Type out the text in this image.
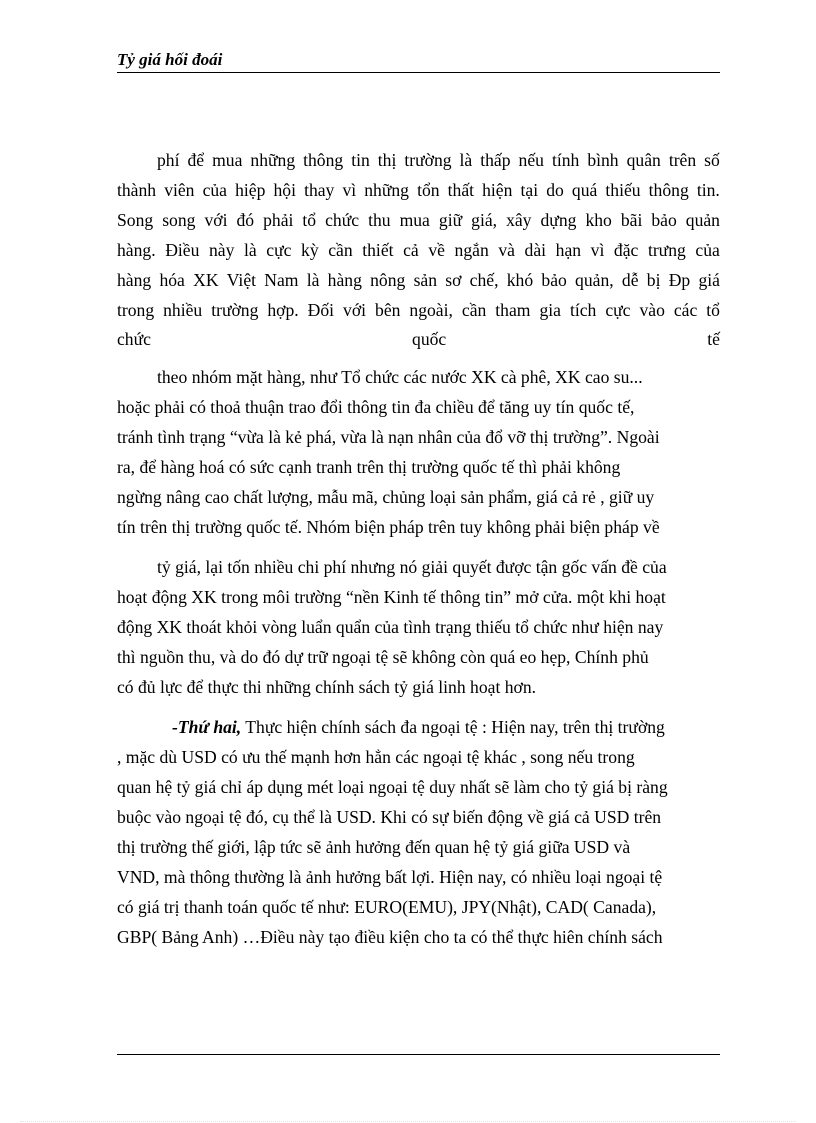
Tỷ giá hối đoái
phí để mua những thông tin thị trường là thấp nếu tính bình quân trên số
thành viên của hiệp hội thay vì những tổn thất hiện tại do quá thiếu thông tin.
Song song với đó phải tổ chức thu mua giữ giá, xây dựng kho bãi bảo quản
hàng. Điều này là cực kỳ cần thiết cả về ngắn và dài hạn vì đặc trưng của
hàng hóa XK Việt Nam là hàng nông sản sơ chế, khó bảo quản, dễ bị Ðp giá
trong nhiều trường hợp. Đối với bên ngoài, cần tham gia tích cực vào các tổ
chức	quốc	tế
theo nhóm mặt hàng, như Tổ chức các nước XK cà phê, XK cao su...
hoặc phải có thoả thuận trao đổi thông tin đa chiều để tăng uy tín quốc tế,
tránh tình trạng “vừa là kẻ phá, vừa là nạn nhân của đổ vỡ thị trường”. Ngoài
ra, để hàng hoá có sức cạnh tranh trên thị trường quốc tế thì phải không
ngừng nâng cao chất lượng, mẫu mã, chủng loại sản phẩm, giá cả rẻ , giữ uy
tín trên thị trường quốc tế. Nhóm biện pháp trên tuy không phải biện pháp về
tỷ giá, lại tốn nhiều chi phí nhưng nó giải quyết được tận gốc vấn đề của
hoạt động XK trong môi trường “nền Kinh tế thông tin” mở cửa. một khi hoạt
động XK thoát khỏi vòng luẩn quẩn của tình trạng thiếu tổ chức như hiện nay
thì nguồn thu, và do đó dự trữ ngoại tệ sẽ không còn quá eo hẹp, Chính phủ
có đủ lực để thực thi những chính sách tỷ giá linh hoạt hơn.
-Thứ hai, Thực hiện chính sách đa ngoại tệ : Hiện nay, trên thị trường
, mặc dù USD có ưu thế mạnh hơn hẳn các ngoại tệ khác , song nếu trong
quan hệ tỷ giá chỉ áp dụng mét loại ngoại tệ duy nhất sẽ làm cho tỷ giá bị ràng
buộc vào ngoại tệ đó, cụ thể là USD. Khi có sự biến động về giá cả USD trên
thị trường thế giới, lập tức sẽ ảnh hưởng đến quan hệ tỷ giá giữa USD và
VND, mà thông thường là ảnh hưởng bất lợi. Hiện nay, có nhiều loại ngoại tệ
có giá trị thanh toán quốc tế như: EURO(EMU), JPY(Nhật), CAD( Canada),
GBP( Bảng Anh) …Điều này tạo điều kiện cho ta có thể thực hiên chính sách
